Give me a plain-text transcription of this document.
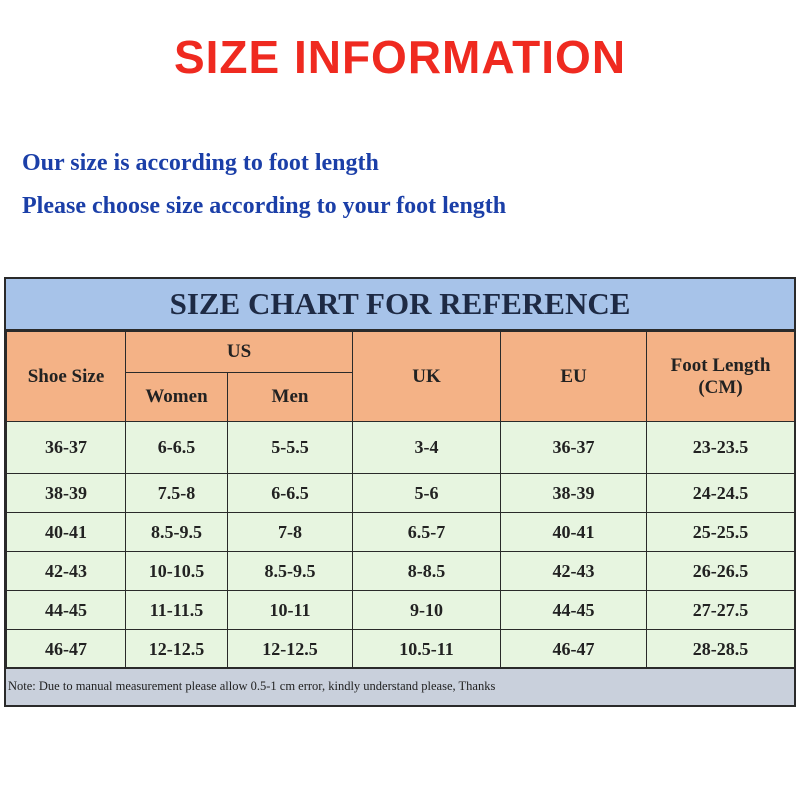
SIZE INFORMATION
Our size is according to foot length
Please choose size according to your foot length
SIZE CHART FOR REFERENCE
Shoe Size	US		UK	EU	Foot Length
(CM)
	Women	Men			
36-37	6-6.5	5-5.5	3-4	36-37	23-23.5
38-39	7.5-8	6-6.5	5-6	38-39	24-24.5
40-41	8.5-9.5	7-8	6.5-7	40-41	25-25.5
42-43	10-10.5	8.5-9.5	8-8.5	42-43	26-26.5
44-45	11-11.5	10-11	9-10	44-45	27-27.5
46-47	12-12.5	12-12.5	10.5-11	46-47	28-28.5
Note: Due to manual measurement please allow 0.5-1 cm error, kindly understand please, Thanks
